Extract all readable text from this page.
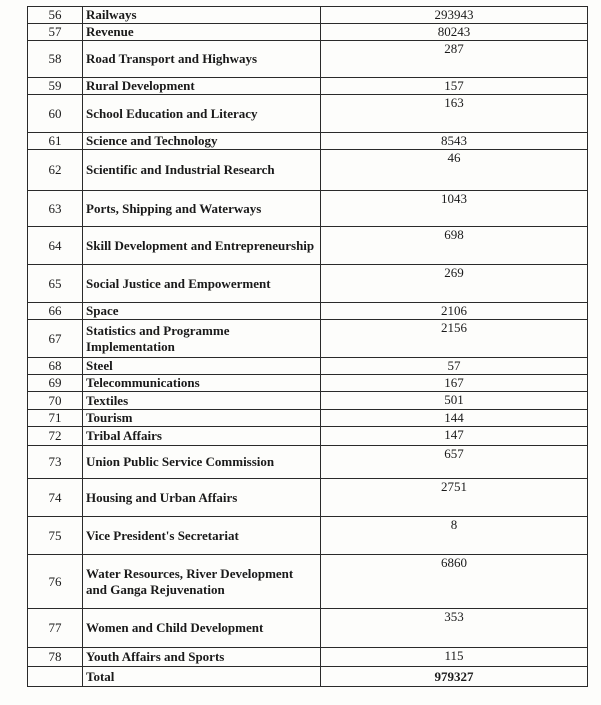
56	Railways	293943
57	Revenue	80243
58	Road Transport and Highways	287
59	Rural Development	157
60	School Education and Literacy	163
61	Science and Technology	8543
62	Scientific and Industrial Research	46
63	Ports, Shipping and Waterways	1043
64	Skill Development and Entrepreneurship	698
65	Social Justice and Empowerment	269
66	Space	2106
67	Statistics and Programme Implementation	2156
68	Steel	57
69	Telecommunications	167
70	Textiles	501
71	Tourism	144
72	Tribal Affairs	147
73	Union Public Service Commission	657
74	Housing and Urban Affairs	2751
75	Vice President's Secretariat	8
76	Water Resources, River Development and Ganga Rejuvenation	6860
77	Women and Child Development	353
78	Youth Affairs and Sports	115
	Total	979327
